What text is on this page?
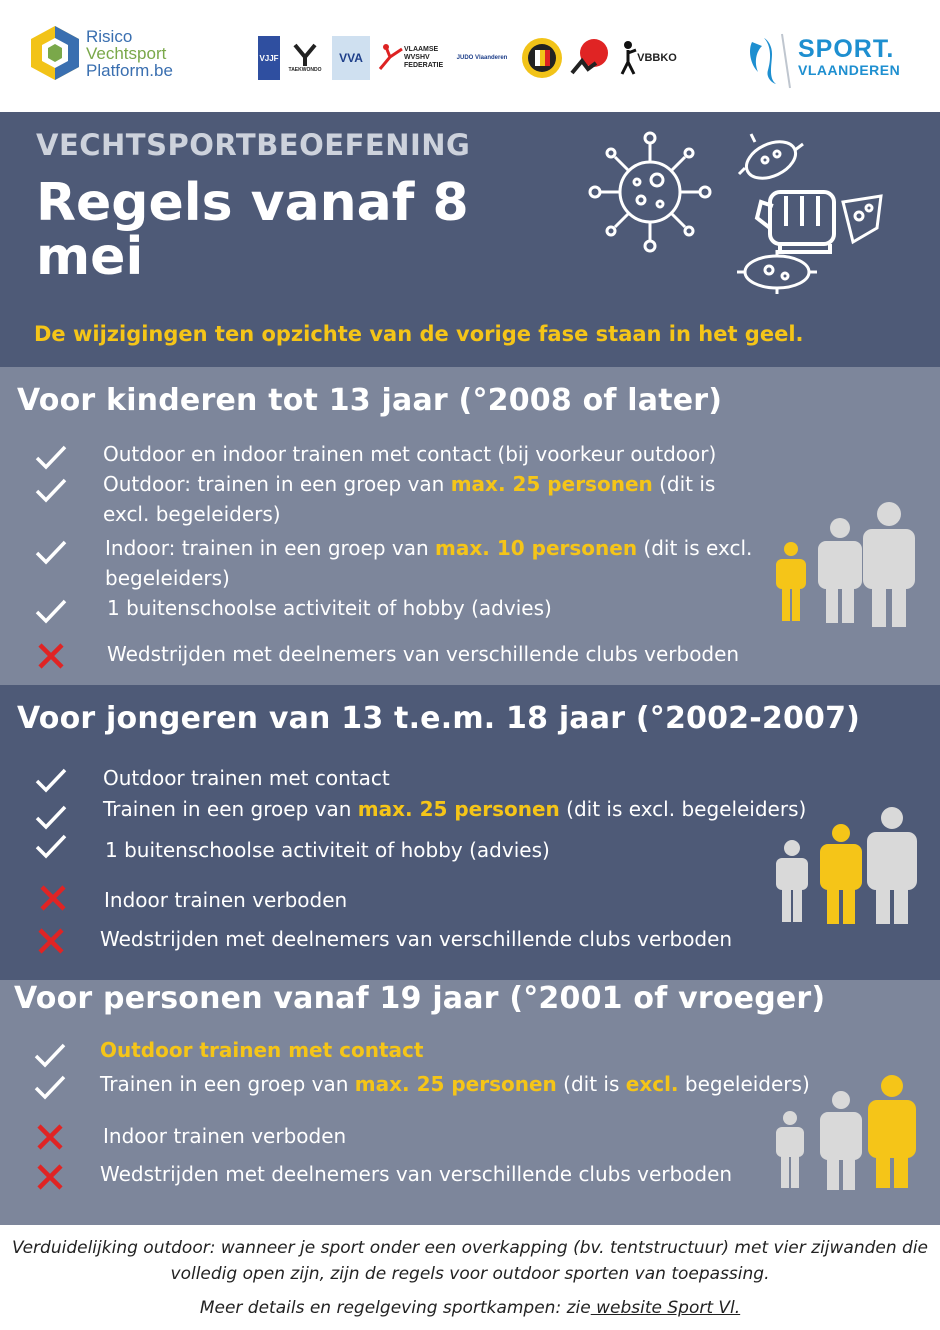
Risico
Vechtsport
Platform.be
VJJF
TAEKWONDO
VVA
VLAAMSE WVSHV FEDERATIE
JUDO Vlaanderen	VBBKO	SPORT.
VLAANDEREN
VECHTSPORTBEOEFENING
Regels vanaf 8 mei
De wijzigingen ten opzichte van de vorige fase staan in het geel.
Voor kinderen tot 13 jaar (°2008 of later)
Outdoor en indoor trainen met contact (bij voorkeur outdoor)
Outdoor: trainen in een groep van max. 25 personen (dit is excl. begeleiders)
Indoor: trainen in een groep van max. 10 personen (dit is excl. begeleiders)
1 buitenschoolse activiteit of hobby (advies)
Wedstrijden met deelnemers van verschillende clubs verboden
Voor jongeren van 13 t.e.m. 18 jaar (°2002-2007)
Outdoor trainen met contact
Trainen in een groep van max. 25 personen (dit is excl. begeleiders)
1 buitenschoolse activiteit of hobby (advies)
Indoor trainen verboden
Wedstrijden met deelnemers van verschillende clubs verboden
Voor personen vanaf 19 jaar (°2001 of vroeger)
Outdoor trainen met contact
Trainen in een groep van max. 25 personen (dit is excl. begeleiders)
Indoor trainen verboden
Wedstrijden met deelnemers van verschillende clubs verboden
Verduidelijking outdoor: wanneer je sport onder een overkapping (bv. tentstructuur) met vier zijwanden die
volledig open zijn, zijn de regels voor outdoor sporten van toepassing.
Meer details en regelgeving sportkampen: zie website Sport Vl.
